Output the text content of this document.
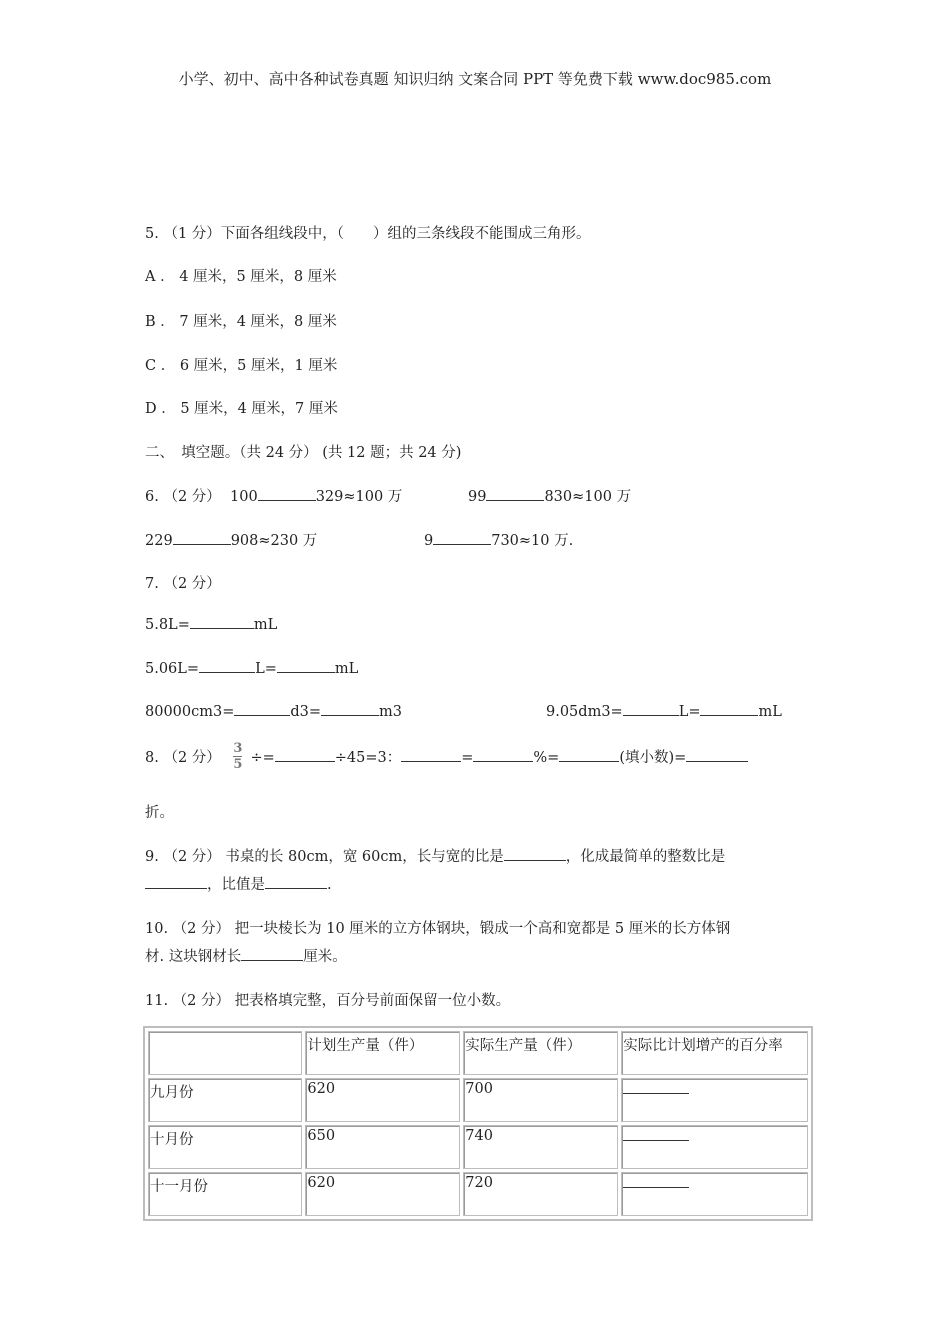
小学、初中、高中各种试卷真题 知识归纳 文案合同 PPT 等免费下载 www.doc985.com
5. （1 分）下面各组线段中，（　　）组的三条线段不能围成三角形。
A ． 4 厘米，5 厘米，8 厘米
B ． 7 厘米，4 厘米，8 厘米
C ． 6 厘米，5 厘米，1 厘米
D ． 5 厘米，4 厘米，7 厘米
二、　填空题。（共 24 分） (共 12 题；共 24 分)
6. （2 分） 100	329≈100 万	99	830≈100 万
229	908≈230 万	9	730≈10 万.
7. （2 分）
5.8L=	mL
5.06L=	L=	mL
80000cm3=	d3=	m3	9.05dm3=	L=	mL
8. （2 分） $\frac{3}{5}$ ÷=	÷45=3：	=	%=	(填小数)=
折。
9. （2 分） 书桌的长 80cm，宽 60cm，长与宽的比是	，化成最简单的整数比是
，比值是	.
10. （2 分） 把一块棱长为 10 厘米的立方体钢块，锻成一个高和宽都是 5 厘米的长方体钢
材. 这块钢材长	厘米。
11. （2 分） 把表格填完整，百分号前面保留一位小数。
	计划生产量（件）	实际生产量（件）	实际比计划增产的百分率
九月份	620	700	
十月份	650	740	
十一月份	620	720	
